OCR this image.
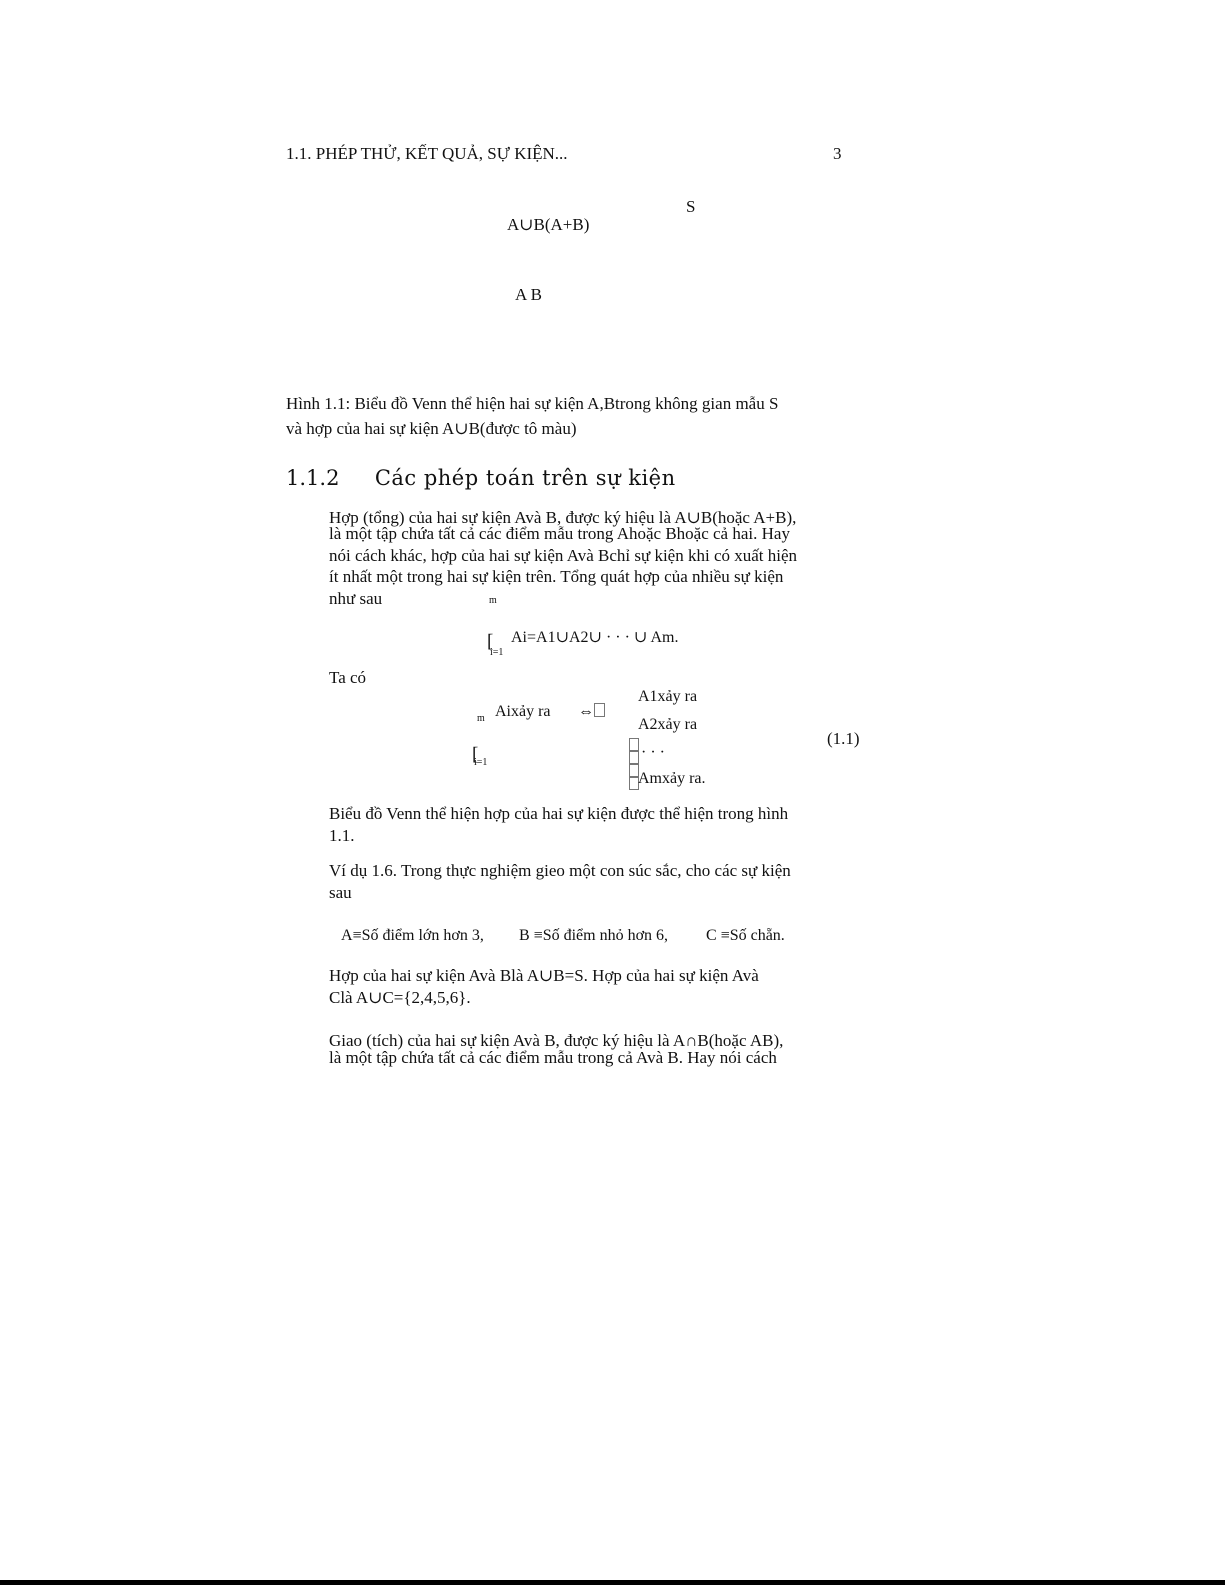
1.1. PHÉP THỬ, KẾT QUẢ, SỰ KIỆN...	3
S
A∪B(A+B)
A B
Hình 1.1: Biểu đồ Venn thể hiện hai sự kiện A,Btrong không gian mẫu S
và hợp của hai sự kiện A∪B(được tô màu)
1.1.2 Các phép toán trên sự kiện
Hợp (tổng) của hai sự kiện Avà B, được ký hiệu là A∪B(hoặc A+B),
là một tập chứa tất cả các điểm mẫu trong Ahoặc Bhoặc cả hai. Hay
nói cách khác, hợp của hai sự kiện Avà Bchỉ sự kiện khi có xuất hiện
ít nhất một trong hai sự kiện trên. Tổng quát hợp của nhiều sự kiện
như sau	m
[
i=1
Ai=A1∪A2∪ · · · ∪ Am.
Ta có
m Aixảy ra ⇔
[
i=1
A1xảy ra
A2xảy ra
· · ·
Amxảy ra.
(1.1)
Biểu đồ Venn thể hiện hợp của hai sự kiện được thể hiện trong hình
1.1.
Ví dụ 1.6. Trong thực nghiệm gieo một con súc sắc, cho các sự kiện
sau
A≡Số điểm lớn hơn 3, B ≡Số điểm nhỏ hơn 6, C ≡Số chẵn.
Hợp của hai sự kiện Avà Blà A∪B=S. Hợp của hai sự kiện Avà
Clà A∪C={2,4,5,6}.
Giao (tích) của hai sự kiện Avà B, được ký hiệu là A∩B(hoặc AB),
là một tập chứa tất cả các điểm mẫu trong cả Avà B. Hay nói cách
